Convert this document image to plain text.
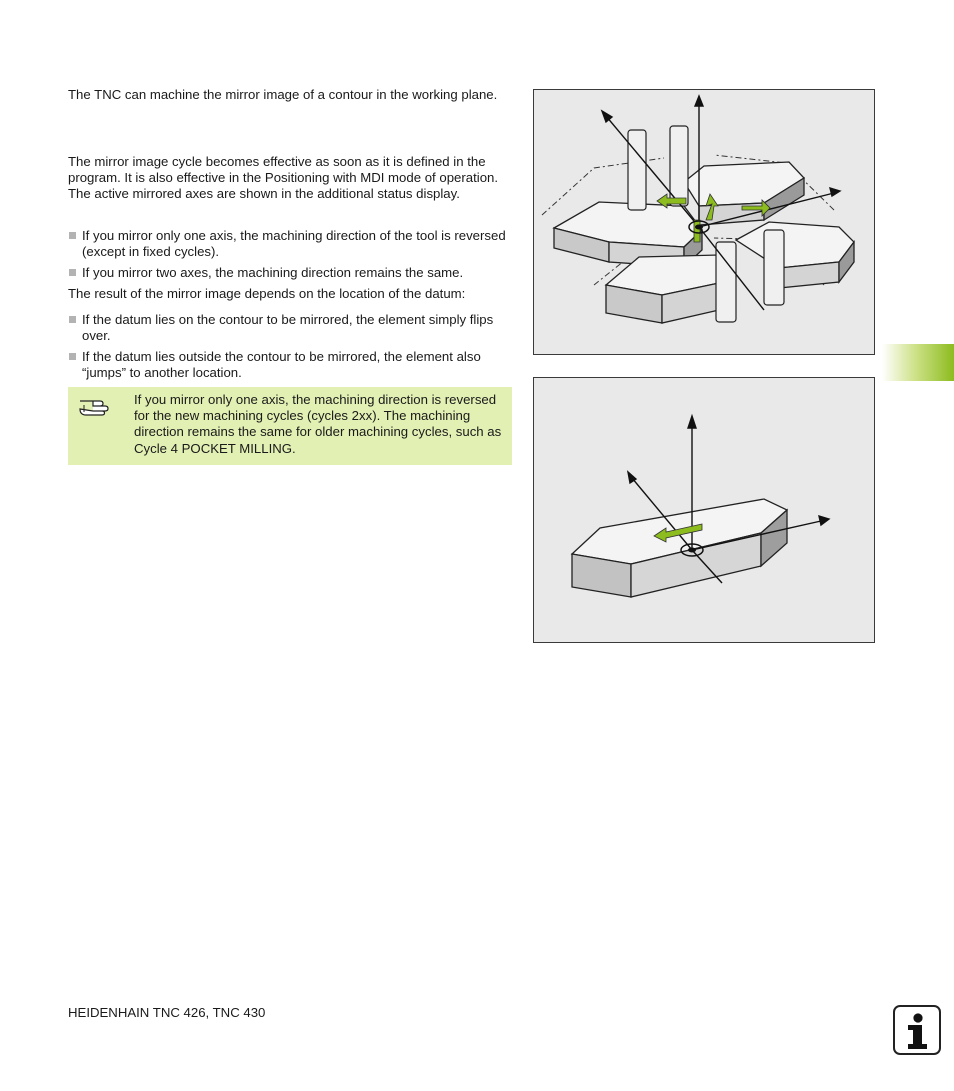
The TNC can machine the mirror image of a contour in the working plane.

The mirror image cycle becomes effective as soon as it is defined in the program. It is also effective in the Positioning with MDI mode of operation. The active mirrored axes are shown in the additional status display.

If you mirror only one axis, the machining direction of the tool is reversed (except in fixed cycles).
If you mirror two axes, the machining direction remains the same.

The result of the mirror image depends on the location of the datum:

If the datum lies on the contour to be mirrored, the element simply flips over.
If the datum lies outside the contour to be mirrored, the element also “jumps” to another location.
If you mirror only one axis, the machining direction is reversed for the new machining cycles (cycles 2xx). The machining direction remains the same for older machining cycles, such as Cycle 4 POCKET MILLING.
HEIDENHAIN TNC 426, TNC 430
